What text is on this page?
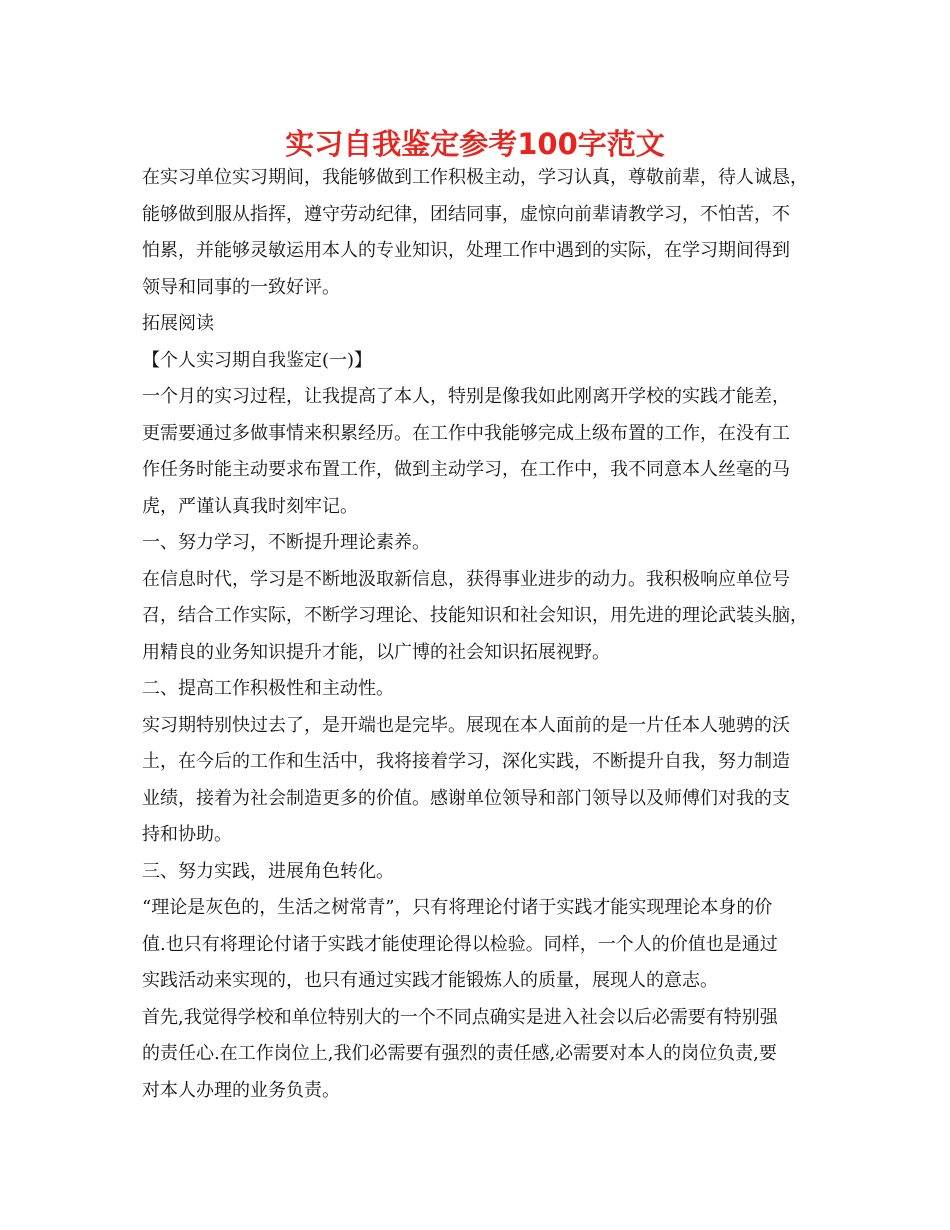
实习自我鉴定参考100字范文

在实习单位实习期间，我能够做到工作积极主动，学习认真，尊敬前辈，待人诚恳，

能够做到服从指挥，遵守劳动纪律，团结同事，虚惊向前辈请教学习，不怕苦，不

怕累，并能够灵敏运用本人的专业知识，处理工作中遇到的实际，在学习期间得到

领导和同事的一致好评。

拓展阅读

【个人实习期自我鉴定(一)】

一个月的实习过程，让我提高了本人，特别是像我如此刚离开学校的实践才能差，

更需要通过多做事情来积累经历。在工作中我能够完成上级布置的工作，在没有工

作任务时能主动要求布置工作，做到主动学习，在工作中，我不同意本人丝毫的马

虎，严谨认真我时刻牢记。

一、努力学习，不断提升理论素养。

在信息时代，学习是不断地汲取新信息，获得事业进步的动力。我积极响应单位号

召，结合工作实际，不断学习理论、技能知识和社会知识，用先进的理论武装头脑，

用精良的业务知识提升才能，以广博的社会知识拓展视野。

二、提高工作积极性和主动性。

实习期特别快过去了，是开端也是完毕。展现在本人面前的是一片任本人驰骋的沃

土，在今后的工作和生活中，我将接着学习，深化实践，不断提升自我，努力制造

业绩，接着为社会制造更多的价值。感谢单位领导和部门领导以及师傅们对我的支

持和协助。

三、努力实践，进展角色转化。

“理论是灰色的，生活之树常青”，只有将理论付诸于实践才能实现理论本身的价

值.也只有将理论付诸于实践才能使理论得以检验。同样，一个人的价值也是通过

实践活动来实现的，也只有通过实践才能锻炼人的质量，展现人的意志。

首先,我觉得学校和单位特别大的一个不同点确实是进入社会以后必需要有特别强

的责任心.在工作岗位上,我们必需要有强烈的责任感,必需要对本人的岗位负责,要

对本人办理的业务负责。
